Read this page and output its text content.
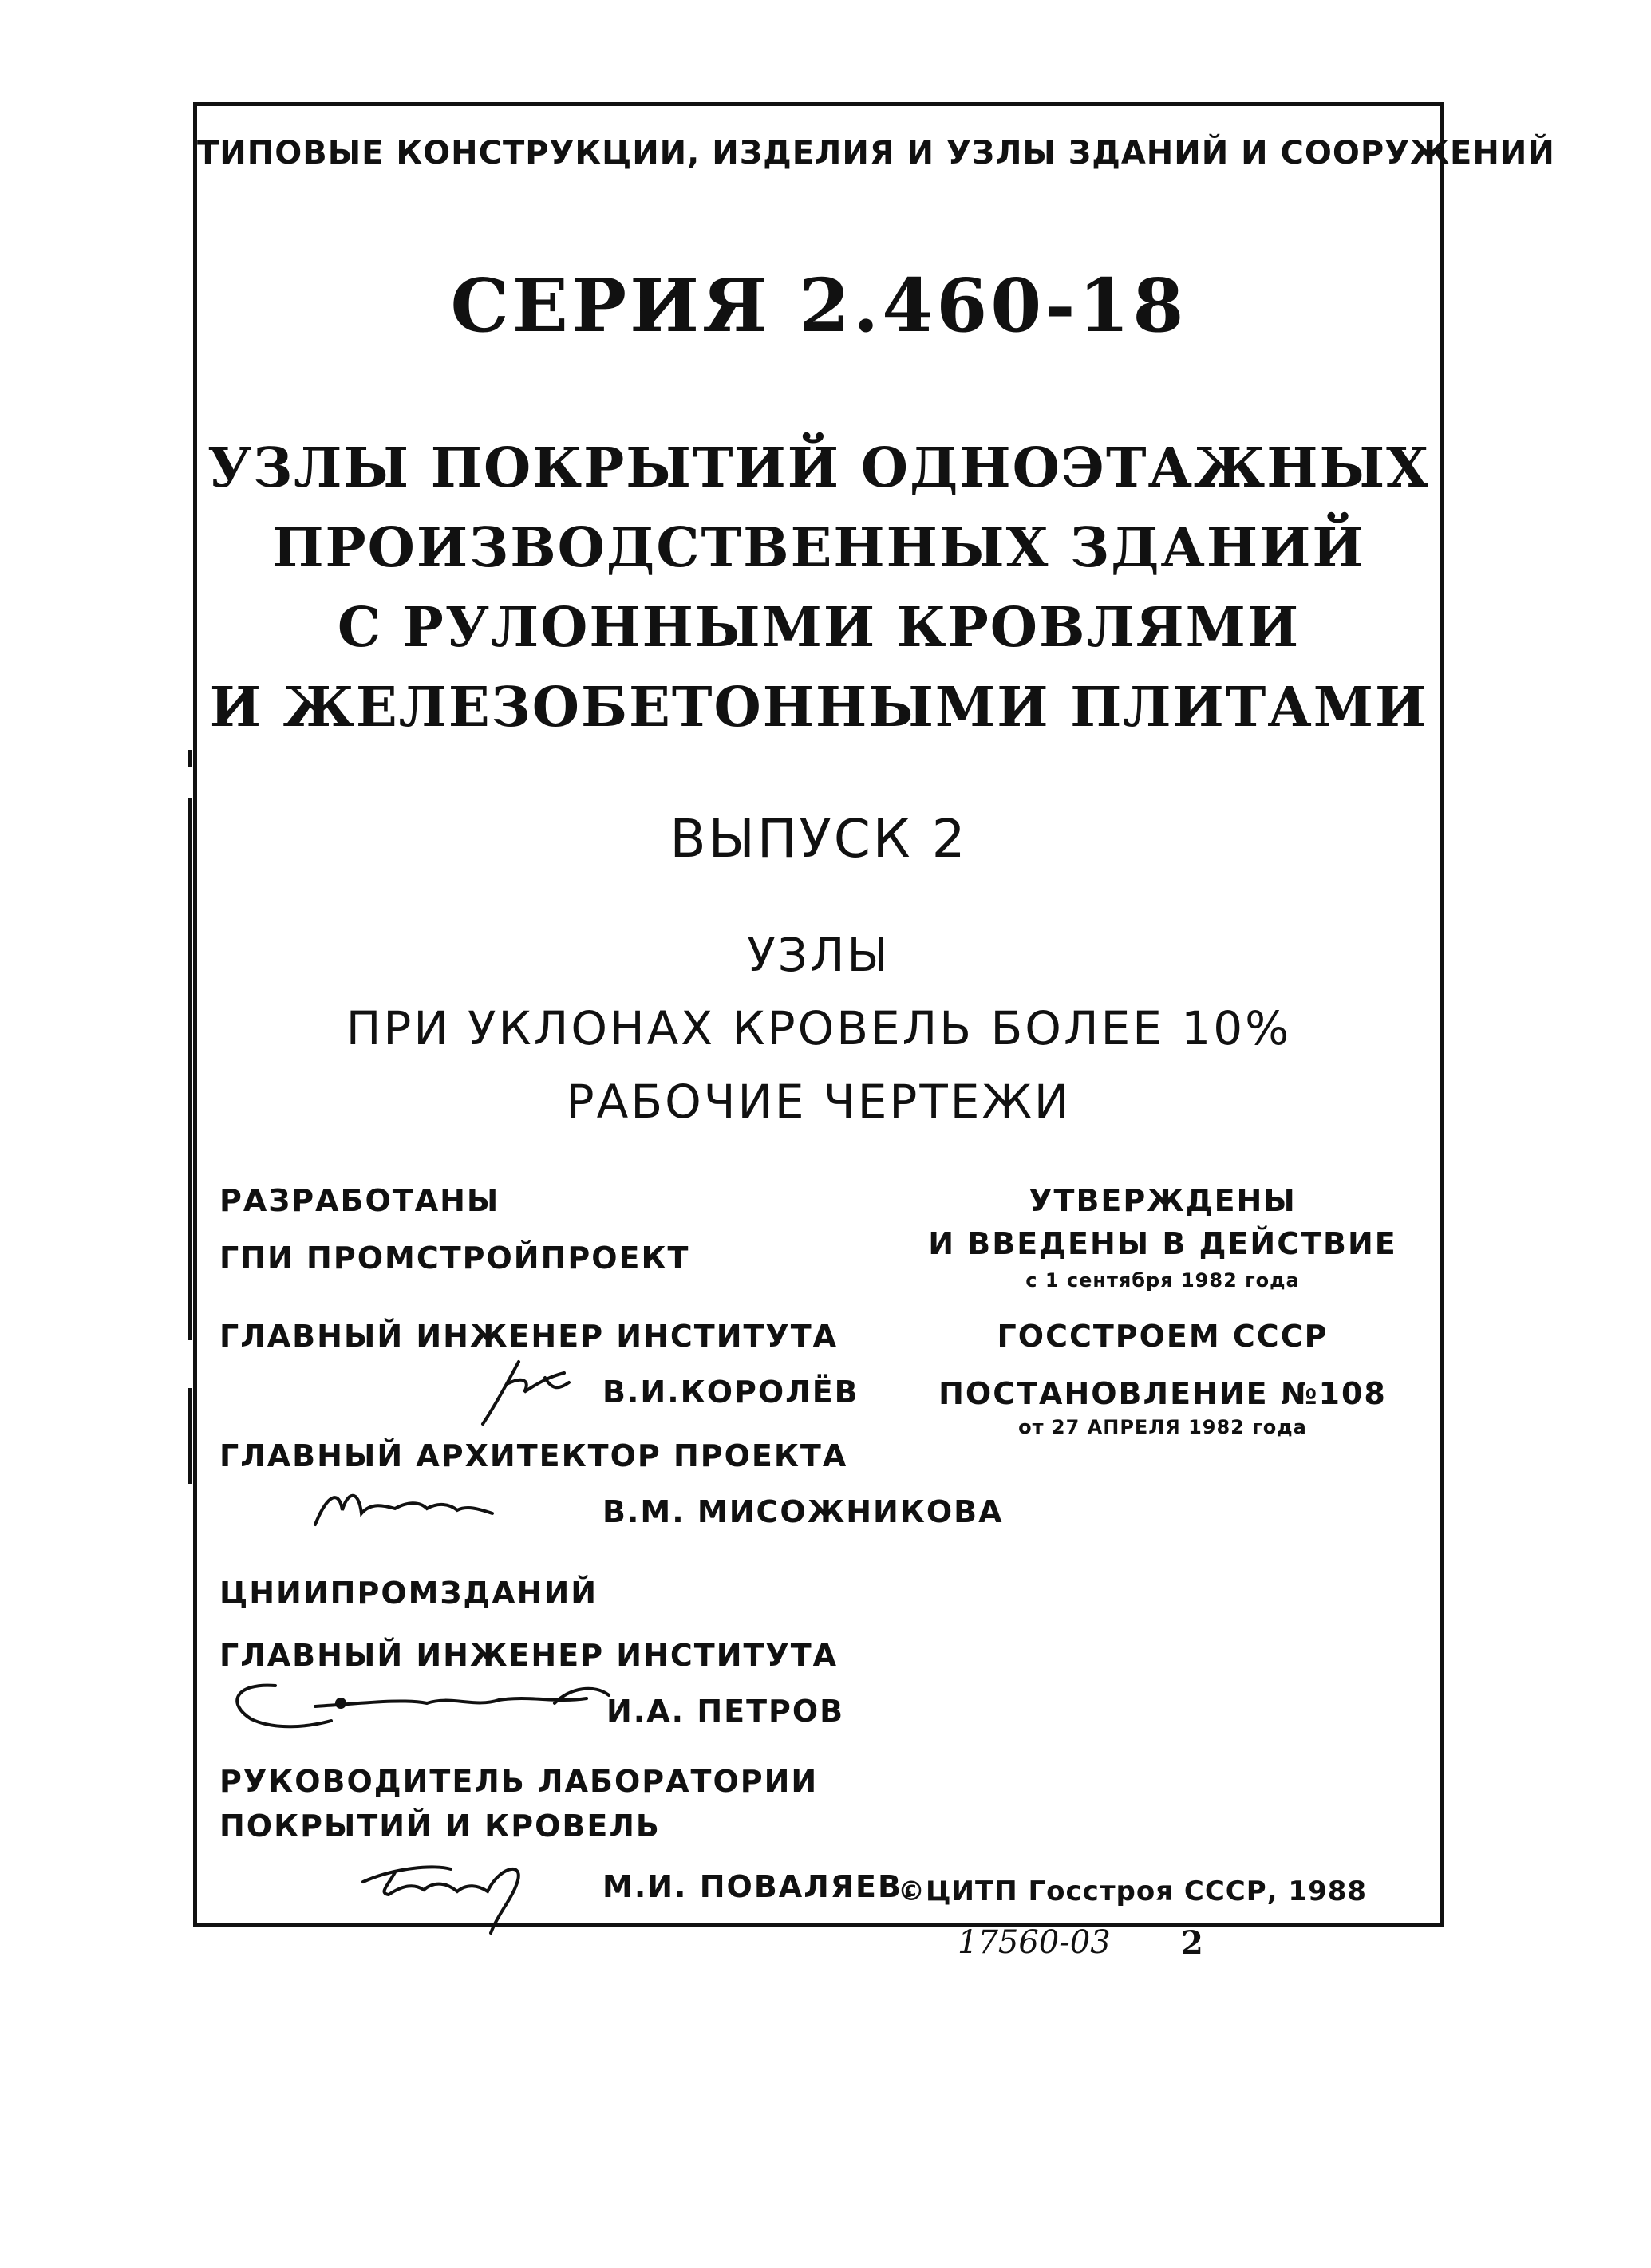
ТИПОВЫЕ КОНСТРУКЦИИ, ИЗДЕЛИЯ И УЗЛЫ ЗДАНИЙ И СООРУЖЕНИЙ
СЕРИЯ 2.460-18
УЗЛЫ ПОКРЫТИЙ ОДНОЭТАЖНЫХ
ПРОИЗВОДСТВЕННЫХ ЗДАНИЙ
С РУЛОННЫМИ КРОВЛЯМИ
И ЖЕЛЕЗОБЕТОННЫМИ ПЛИТАМИ
ВЫПУСК 2
УЗЛЫ
ПРИ УКЛОНАХ КРОВЕЛЬ БОЛЕЕ 10%
РАБОЧИЕ ЧЕРТЕЖИ
РАЗРАБОТАНЫ
ГПИ ПРОМСТРОЙПРОЕКТ
ГЛАВНЫЙ ИНЖЕНЕР ИНСТИТУТА
В.И.КОРОЛЁВ
ГЛАВНЫЙ АРХИТЕКТОР ПРОЕКТА
В.М. МИСОЖНИКОВА
ЦНИИПРОМЗДАНИЙ
ГЛАВНЫЙ ИНЖЕНЕР ИНСТИТУТА
И.А. ПЕТРОВ
РУКОВОДИТЕЛЬ ЛАБОРАТОРИИ
ПОКРЫТИЙ И КРОВЕЛЬ
М.И. ПОВАЛЯЕВ.
УТВЕРЖДЕНЫ
И ВВЕДЕНЫ В ДЕЙСТВИЕ
с 1 сентября 1982 года
ГОССТРОЕМ СССР
ПОСТАНОВЛЕНИЕ №108
от 27 АПРЕЛЯ 1982 года
©ЦИТП Госстроя СССР, 1988
17560-03 2
